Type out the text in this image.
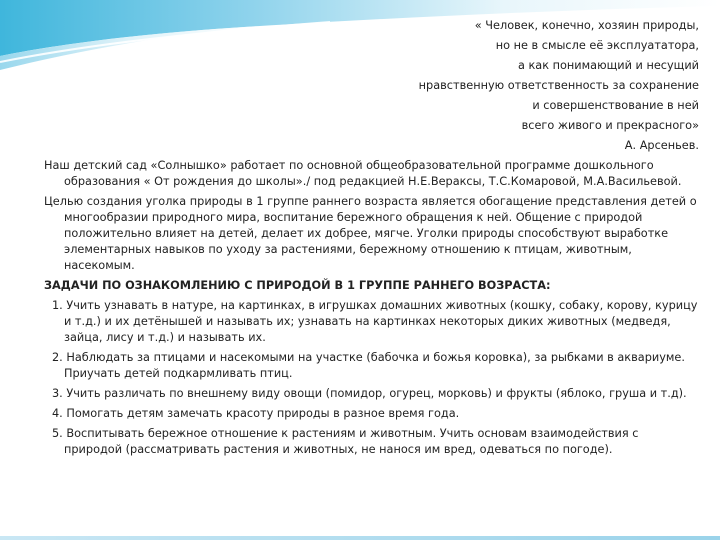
« Человек, конечно, хозяин природы,
но не в смысле её эксплуататора,
а как понимающий и несущий
нравственную ответственность за сохранение
и совершенствование в ней
всего живого и прекрасного»
А. Арсеньев.
Наш детский сад «Солнышко» работает по основной общеобразовательной программе дошкольного образования « От рождения до школы»./ под редакцией Н.Е.Вераксы, Т.С.Комаровой, М.А.Васильевой.
Целью создания уголка природы в 1 группе раннего возраста является обогащение представления детей о многообразии природного мира, воспитание бережного обращения к ней. Общение с природой положительно влияет на детей, делает их добрее, мягче. Уголки природы способствуют выработке элементарных навыков по уходу за растениями, бережному отношению к птицам, животным, насекомым.
ЗАДАЧИ ПО ОЗНАКОМЛЕНИЮ С ПРИРОДОЙ В 1 ГРУППЕ РАННЕГО ВОЗРАСТА:
1. Учить узнавать в натуре, на картинках, в игрушках домашних животных (кошку, собаку, корову, курицу и т.д.) и их детёнышей и называть их; узнавать на картинках некоторых диких животных (медведя, зайца, лису и т.д.) и называть их.
2. Наблюдать за птицами и насекомыми на участке (бабочка и божья коровка), за рыбками в аквариуме. Приучать детей подкармливать птиц.
3. Учить различать по внешнему виду овощи (помидор, огурец, морковь) и фрукты (яблоко, груша и т.д).
4. Помогать детям замечать красоту природы в разное время года.
5. Воспитывать бережное отношение к растениям и животным. Учить основам взаимодействия с природой (рассматривать растения и животных, не нанося им вред, одеваться по погоде).
